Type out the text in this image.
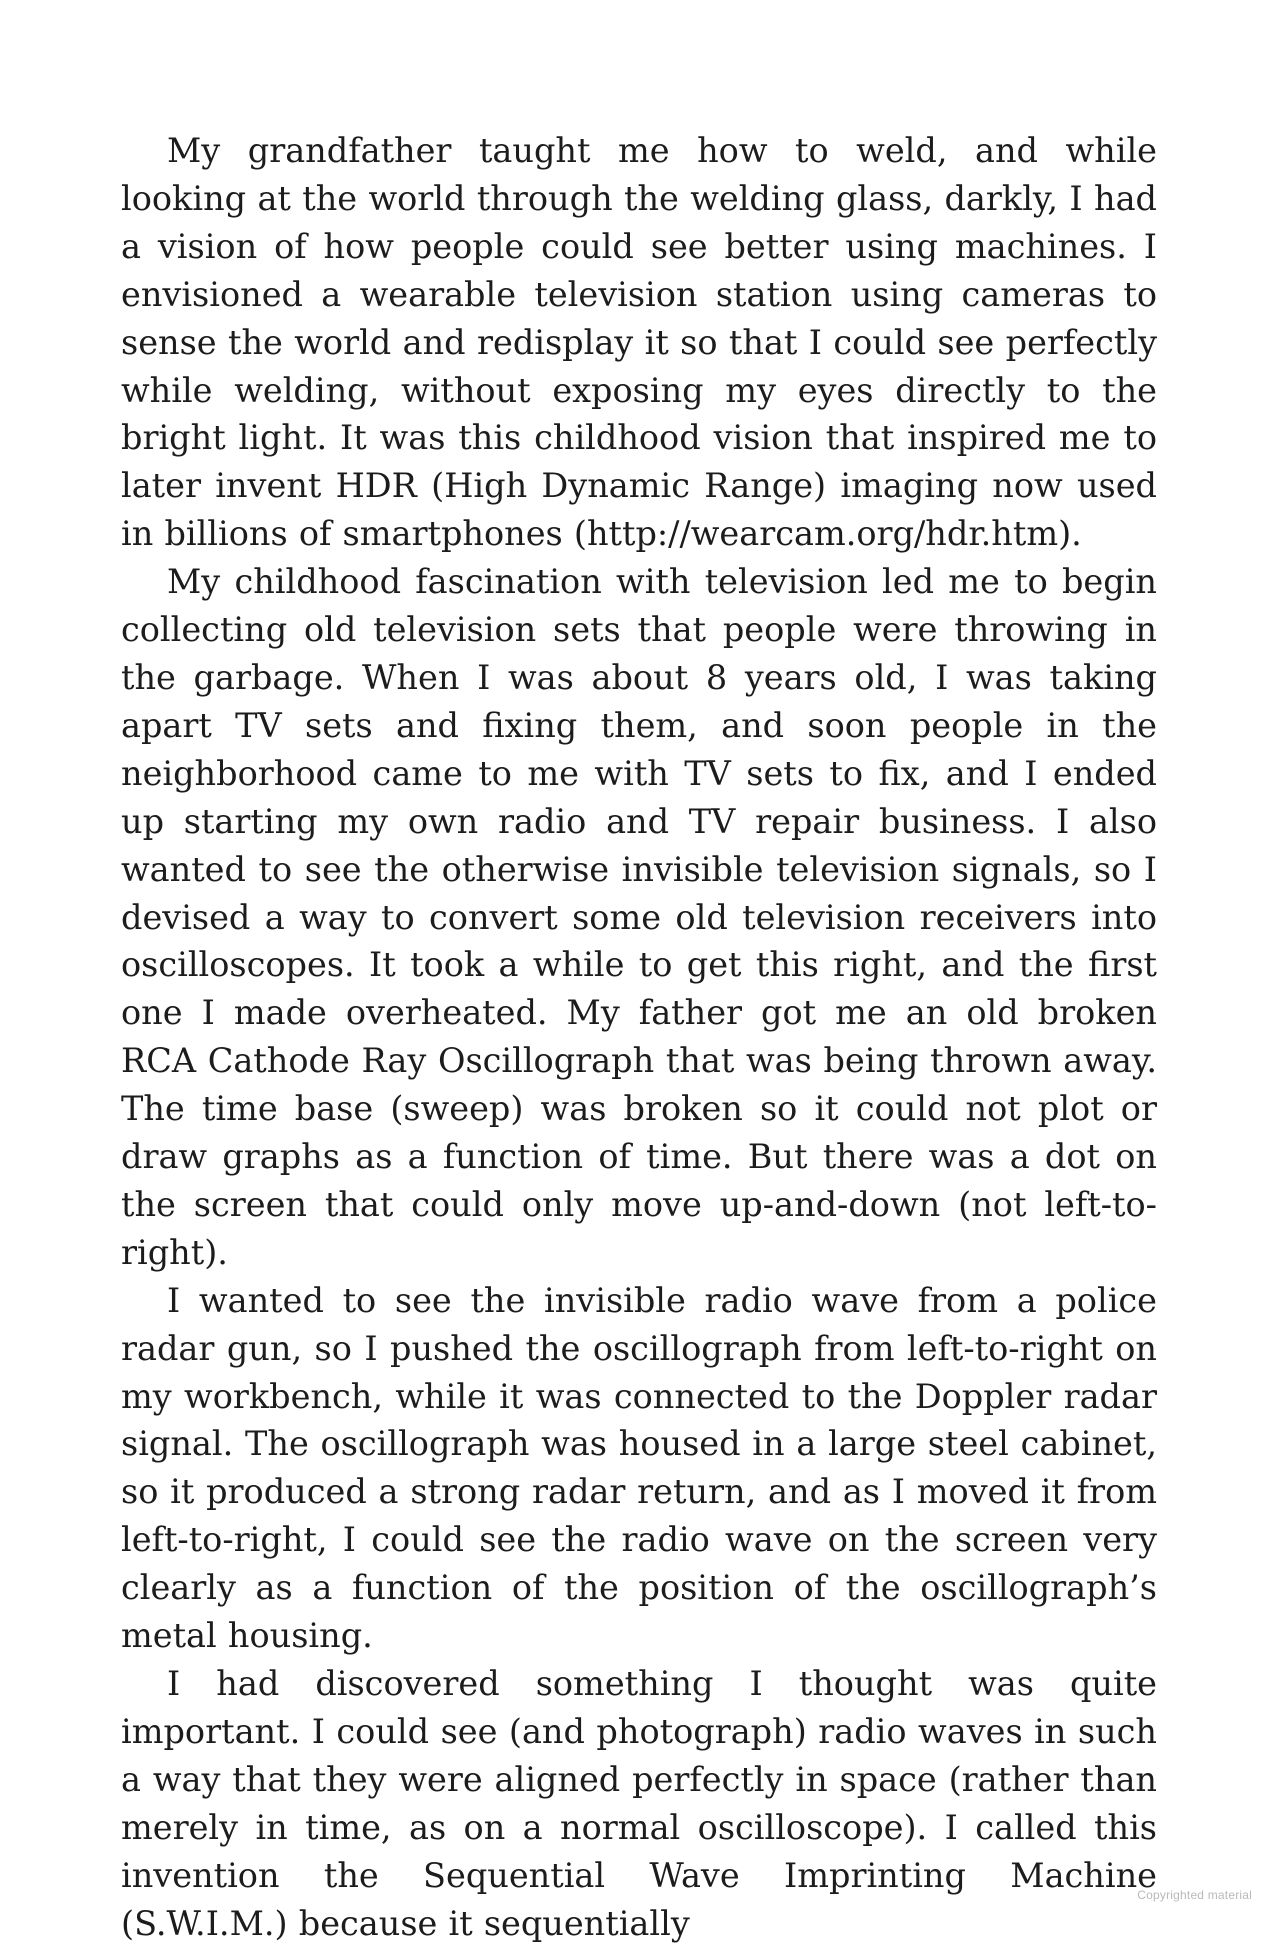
My grandfather taught me how to weld, and while looking at the world through the welding glass, darkly, I had a vision of how people could see better using machines. I envisioned a wearable television station using cameras to sense the world and redisplay it so that I could see perfectly while welding, without exposing my eyes directly to the bright light. It was this childhood vision that inspired me to later invent HDR (High Dynamic Range) imaging now used in billions of smartphones (http://wearcam.org/hdr.htm).

My childhood fascination with television led me to begin collecting old television sets that people were throwing in the garbage. When I was about 8 years old, I was taking apart TV sets and fixing them, and soon people in the neighborhood came to me with TV sets to fix, and I ended up starting my own radio and TV repair business. I also wanted to see the otherwise invisible television signals, so I devised a way to convert some old television receivers into oscilloscopes. It took a while to get this right, and the first one I made overheated. My father got me an old broken RCA Cathode Ray Oscillograph that was being thrown away. The time base (sweep) was broken so it could not plot or draw graphs as a function of time. But there was a dot on the screen that could only move up-and-down (not left-to-right).

I wanted to see the invisible radio wave from a police radar gun, so I pushed the oscillograph from left-to-right on my workbench, while it was connected to the Doppler radar signal. The oscillograph was housed in a large steel cabinet, so it produced a strong radar return, and as I moved it from left-to-right, I could see the radio wave on the screen very clearly as a function of the position of the oscillograph’s metal housing.

I had discovered something I thought was quite important. I could see (and photograph) radio waves in such a way that they were aligned perfectly in space (rather than merely in time, as on a normal oscilloscope). I called this invention the Sequential Wave Imprinting Machine (S.W.I.M.) because it sequentially

Copyrighted material
